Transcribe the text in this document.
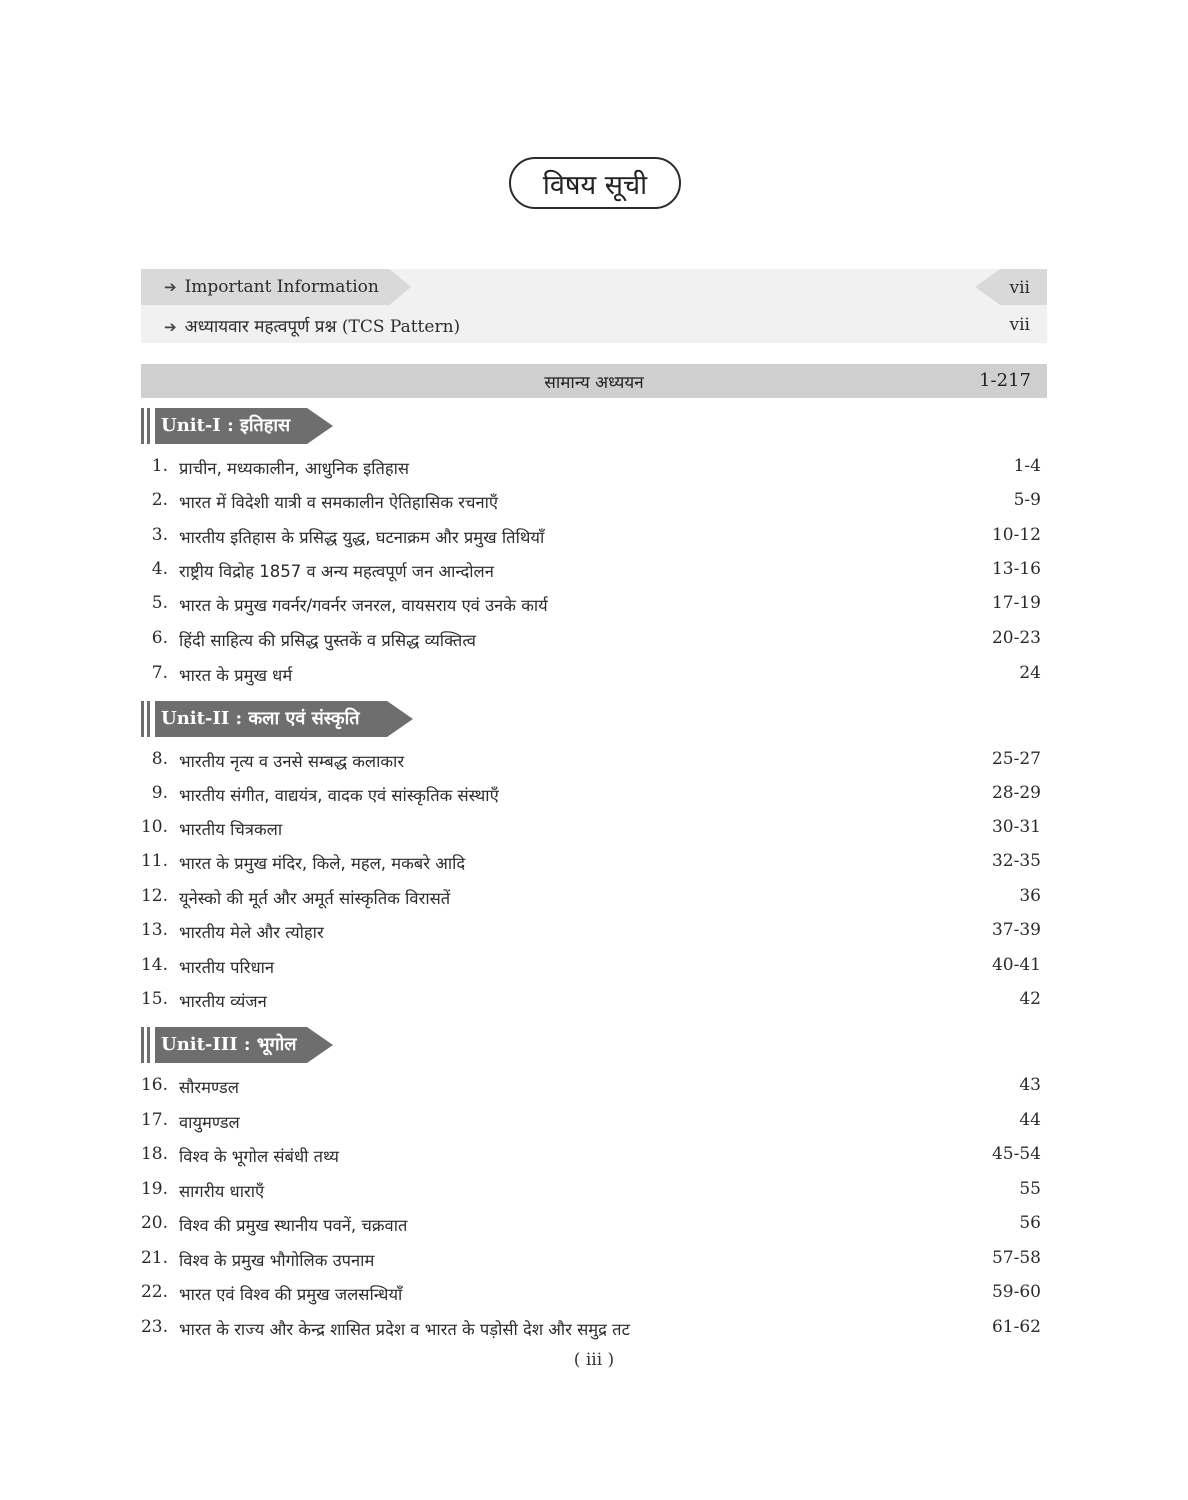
विषय सूची
➔ Important Information	vii
➔ अध्यायवार महत्वपूर्ण प्रश्न (TCS Pattern)	vii
सामान्य अध्ययन	1-217
Unit-I : इतिहास
1. प्राचीन, मध्यकालीन, आधुनिक इतिहास	1-4
2. भारत में विदेशी यात्री व समकालीन ऐतिहासिक रचनाएँ	5-9
3. भारतीय इतिहास के प्रसिद्ध युद्ध, घटनाक्रम और प्रमुख तिथियाँ	10-12
4. राष्ट्रीय विद्रोह 1857 व अन्य महत्वपूर्ण जन आन्दोलन	13-16
5. भारत के प्रमुख गवर्नर/गवर्नर जनरल, वायसराय एवं उनके कार्य	17-19
6. हिंदी साहित्य की प्रसिद्ध पुस्तकें व प्रसिद्ध व्यक्तित्व	20-23
7. भारत के प्रमुख धर्म	24
Unit-II : कला एवं संस्कृति
8. भारतीय नृत्य व उनसे सम्बद्ध कलाकार	25-27
9. भारतीय संगीत, वाद्ययंत्र, वादक एवं सांस्कृतिक संस्थाएँ	28-29
10. भारतीय चित्रकला	30-31
11. भारत के प्रमुख मंदिर, किले, महल, मकबरे आदि	32-35
12. यूनेस्को की मूर्त और अमूर्त सांस्कृतिक विरासतें	36
13. भारतीय मेले और त्योहार	37-39
14. भारतीय परिधान	40-41
15. भारतीय व्यंजन	42
Unit-III : भूगोल
16. सौरमण्डल	43
17. वायुमण्डल	44
18. विश्व के भूगोल संबंधी तथ्य	45-54
19. सागरीय धाराएँ	55
20. विश्व की प्रमुख स्थानीय पवनें, चक्रवात	56
21. विश्व के प्रमुख भौगोलिक उपनाम	57-58
22. भारत एवं विश्व की प्रमुख जलसन्धियाँ	59-60
23. भारत के राज्य और केन्द्र शासित प्रदेश व भारत के पड़ोसी देश और समुद्र तट	61-62
( iii )
